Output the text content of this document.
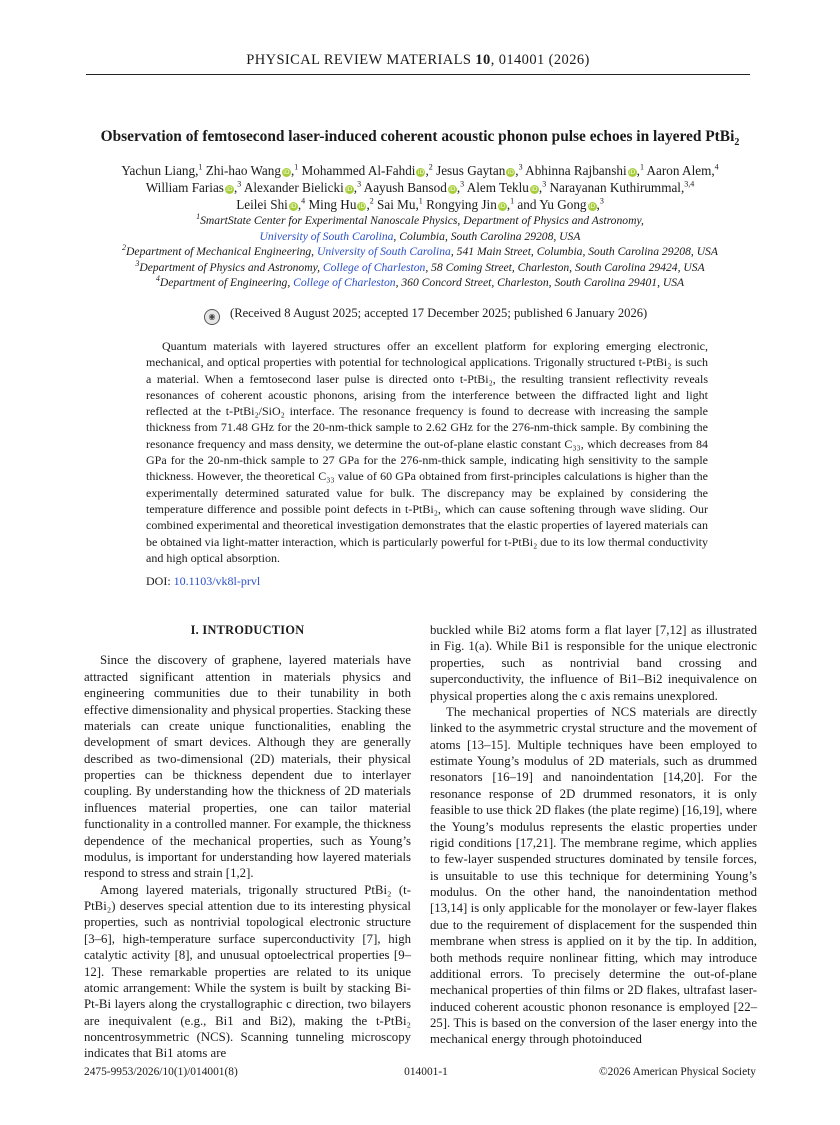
PHYSICAL REVIEW MATERIALS 10, 014001 (2026)
Observation of femtosecond laser-induced coherent acoustic phonon pulse echoes in layered PtBi$_2$
Yachun Liang,$^1$ Zhi-hao Wang iD,$^1$ Mohammed Al-Fahdi iD,$^2$ Jesus Gaytan iD,$^3$ Abhinna Rajbanshi iD,$^1$ Aaron Alem,$^4$
William Farias iD,$^3$ Alexander Bielicki iD,$^3$ Aayush Bansod iD,$^3$ Alem Teklu iD,$^3$ Narayanan Kuthirummal,$^{3,4}$
Leilei Shi iD,$^4$ Ming Hu iD,$^2$ Sai Mu,$^1$ Rongying Jin iD,$^1$ and Yu Gong iD,$^3$
$^1$SmartState Center for Experimental Nanoscale Physics, Department of Physics and Astronomy,
University of South Carolina, Columbia, South Carolina 29208, USA
$^2$Department of Mechanical Engineering, University of South Carolina, 541 Main Street, Columbia, South Carolina 29208, USA
$^3$Department of Physics and Astronomy, College of Charleston, 58 Coming Street, Charleston, South Carolina 29424, USA
$^4$Department of Engineering, College of Charleston, 360 Concord Street, Charleston, South Carolina 29401, USA
◉ (Received 8 August 2025; accepted 17 December 2025; published 6 January 2026)

Quantum materials with layered structures offer an excellent platform for exploring emerging electronic, mechanical, and optical properties with potential for technological applications. Trigonally structured t-PtBi₂ is such a material. When a femtosecond laser pulse is directed onto t-PtBi₂, the resulting transient reflectivity reveals resonances of coherent acoustic phonons, arising from the interference between the diffracted light and light reflected at the t-PtBi₂/SiO₂ interface. The resonance frequency is found to decrease with increasing the sample thickness from 71.48 GHz for the 20-nm-thick sample to 2.62 GHz for the 276-nm-thick sample. By combining the resonance frequency and mass density, we determine the out-of-plane elastic constant C₃₃, which decreases from 84 GPa for the 20-nm-thick sample to 27 GPa for the 276-nm-thick sample, indicating high sensitivity to the sample thickness. However, the theoretical C₃₃ value of 60 GPa obtained from first-principles calculations is higher than the experimentally determined saturated value for bulk. The discrepancy may be explained by considering the temperature difference and possible point defects in t-PtBi₂, which can cause softening through wave sliding. Our combined experimental and theoretical investigation demonstrates that the elastic properties of layered materials can be obtained via light-matter interaction, which is particularly powerful for t-PtBi₂ due to its low thermal conductivity and high optical absorption.

DOI: 10.1103/vk8l-prvl
I. INTRODUCTION

Since the discovery of graphene, layered materials have attracted significant attention in materials physics and engineering communities due to their tunability in both effective dimensionality and physical properties. Stacking these materials can create unique functionalities, enabling the development of smart devices. Although they are generally described as two-dimensional (2D) materials, their physical properties can be thickness dependent due to interlayer coupling. By understanding how the thickness of 2D materials influences material properties, one can tailor material functionality in a controlled manner. For example, the thickness dependence of the mechanical properties, such as Young’s modulus, is important for understanding how layered materials respond to stress and strain [1,2].

Among layered materials, trigonally structured PtBi₂ (t-PtBi₂) deserves special attention due to its interesting physical properties, such as nontrivial topological electronic structure [3–6], high-temperature surface superconductivity [7], high catalytic activity [8], and unusual optoelectrical properties [9–12]. These remarkable properties are related to its unique atomic arrangement: While the system is built by stacking Bi-Pt-Bi layers along the crystallographic c direction, two bilayers are inequivalent (e.g., Bi1 and Bi2), making the t-PtBi₂ noncentrosymmetric (NCS). Scanning tunneling microscopy indicates that Bi1 atoms are

buckled while Bi2 atoms form a flat layer [7,12] as illustrated in Fig. 1(a). While Bi1 is responsible for the unique electronic properties, such as nontrivial band crossing and superconductivity, the influence of Bi1–Bi2 inequivalence on physical properties along the c axis remains unexplored.

The mechanical properties of NCS materials are directly linked to the asymmetric crystal structure and the movement of atoms [13–15]. Multiple techniques have been employed to estimate Young’s modulus of 2D materials, such as drummed resonators [16–19] and nanoindentation [14,20]. For the resonance response of 2D drummed resonators, it is only feasible to use thick 2D flakes (the plate regime) [16,19], where the Young’s modulus represents the elastic properties under rigid conditions [17,21]. The membrane regime, which applies to few-layer suspended structures dominated by tensile forces, is unsuitable to use this technique for determining Young’s modulus. On the other hand, the nanoindentation method [13,14] is only applicable for the monolayer or few-layer flakes due to the requirement of displacement for the suspended thin membrane when stress is applied on it by the tip. In addition, both methods require nonlinear fitting, which may introduce additional errors. To precisely determine the out-of-plane mechanical properties of thin films or 2D flakes, ultrafast laser-induced coherent acoustic phonon resonance is employed [22–25]. This is based on the conversion of the laser energy into the mechanical energy through photoinduced

2475-9953/2026/10(1)/014001(8)	014001-1	©2026 American Physical Society
